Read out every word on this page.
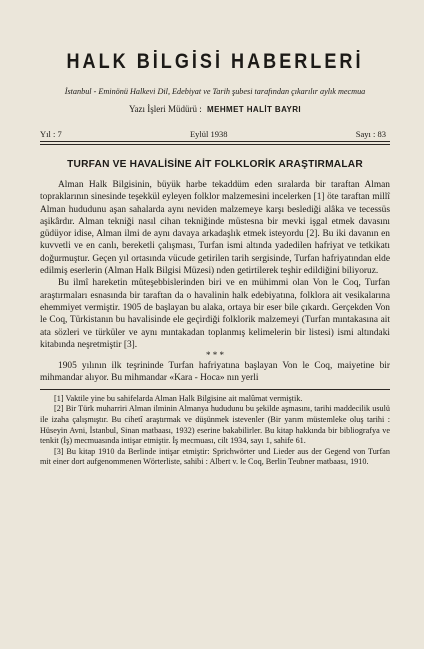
HALK BİLGİSİ HABERLERİ
İstanbul - Eminönü Halkevi Dil, Edebiyat ve Tarih şubesi tarafından çıkarılır aylık mecmua
Yazı İşleri Müdürü : MEHMET HALİT BAYRI
Yıl : 7	Eylül 1938	Sayı : 83
TURFAN VE HAVALİSİNE AİT FOLKLORİK ARAŞTIRMALAR

Alman Halk Bilgisinin, büyük harbe tekaddüm eden sıralarda bir taraftan Alman topraklarının sinesinde teşekkül eyleyen folklor malzemesini incelerken [1] öte taraftan millî Alman hududunu aşan sahalarda aynı neviden malzemeye karşı beslediği alâka ve tecessüs aşikârdır. Alman tekniği nasıl cihan tekniğinde müstesna bir mevki işgal etmek davasını güdüyor idise, Alman ilmi de aynı davaya arkadaşlık etmek isteyordu [2]. Bu iki davanın en kuvvetli ve en canlı, bereketli çalışması, Turfan ismi altında yadedilen hafriyat ve tetkikatı doğurmuştur. Geçen yıl ortasında vücude getirilen tarih sergisinde, Turfan hafriyatından elde edilmiş eserlerin (Alman Halk Bilgisi Müzesi) nden getirtilerek teşhir edildiğini biliyoruz.

Bu ilmî hareketin müteşebbislerinden biri ve en mühimmi olan Von le Coq, Turfan araştırmaları esnasında bir taraftan da o havalinin halk edebiyatına, folklora ait vesikalarına ehemmiyet vermiştir. 1905 de başlayan bu alaka, ortaya bir eser bile çıkardı. Gerçekden Von le Coq, Türkistanın bu havalisinde ele geçirdiği folklorik malzemeyi (Turfan mıntakasına ait ata sözleri ve türküler ve aynı mıntakadan toplanmış kelimelerin bir listesi) ismi altındaki kitabında neşretmiştir [3].

* * *

1905 yılının ilk teşrininde Turfan hafriyatına başlayan Von le Coq, maiyetine bir mihmandar alıyor. Bu mihmandar «Kara - Hoca» nın yerli

[1] Vaktile yine bu sahifelarda Alman Halk Bilgisine ait malûmat vermiştik.

[2] Bir Türk muharriri Alman ilminin Almanya hududunu bu şekilde aşmasını, tarihi maddecilik usulü ile izaha çalışmıştır. Bu cihetî araştırmak ve düşünmek istevenler (Bir yarım müstemleke oluş tarihi : Hüseyin Avni, İstanbul, Sinan matbaası, 1932) eserine bakabilirler. Bu kitap hakkında bir bibliografya ve tenkit (İş) mecmuasında intişar etmiştir. İş mecmuası, cilt 1934, sayı 1, sahife 61.

[3] Bu kitap 1910 da Berlinde intişar etmiştir: Sprichwörter und Lieder aus der Gegend von Turfan mit einer dort aufgenommenen Wörterliste, sahibi : Albert v. le Coq, Berlin Teubner matbaası, 1910.
